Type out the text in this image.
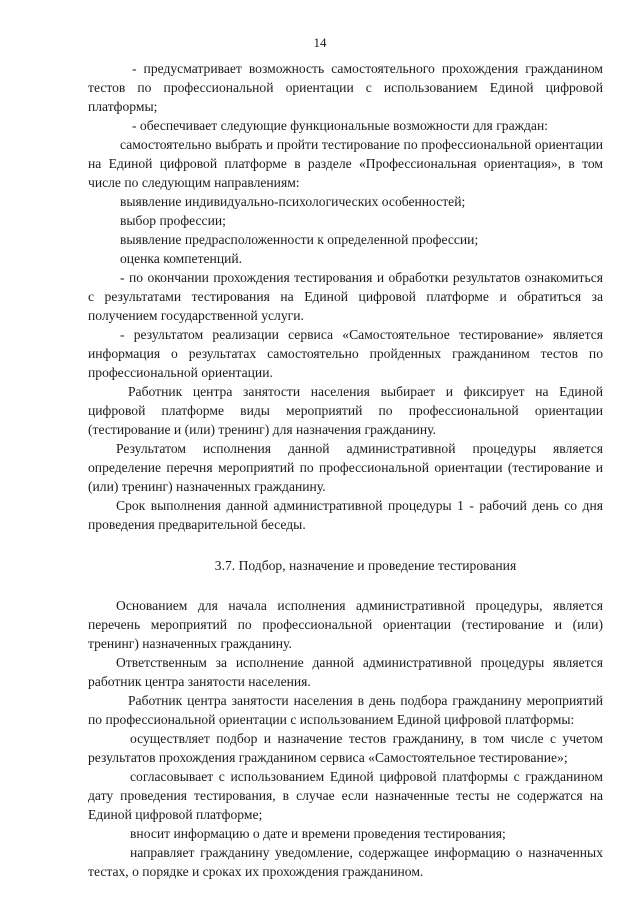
14

- предусматривает возможность самостоятельного прохождения гражданином тестов по профессиональной ориентации с использованием Единой цифровой платформы;

- обеспечивает следующие функциональные возможности для граждан:

самостоятельно выбрать и пройти тестирование по профессиональной ориентации на Единой цифровой платформе в разделе «Профессиональная ориентация», в том числе по следующим направлениям:

выявление индивидуально-психологических особенностей;

выбор профессии;

выявление предрасположенности к определенной профессии;

оценка компетенций.

- по окончании прохождения тестирования и обработки результатов ознакомиться с результатами тестирования на Единой цифровой платформе и обратиться за получением государственной услуги.

- результатом реализации сервиса «Самостоятельное тестирование» является информация о результатах самостоятельно пройденных гражданином тестов по профессиональной ориентации.

Работник центра занятости населения выбирает и фиксирует на Единой цифровой платформе виды мероприятий по профессиональной ориентации (тестирование и (или) тренинг) для назначения гражданину.

Результатом исполнения данной административной процедуры является определение перечня мероприятий по профессиональной ориентации (тестирование и (или) тренинг) назначенных гражданину.

Срок выполнения данной административной процедуры 1 - рабочий день со дня проведения предварительной беседы.

3.7. Подбор, назначение и проведение тестирования

Основанием для начала исполнения административной процедуры, является перечень мероприятий по профессиональной ориентации (тестирование и (или) тренинг) назначенных гражданину.

Ответственным за исполнение данной административной процедуры является работник центра занятости населения.

Работник центра занятости населения в день подбора гражданину мероприятий по профессиональной ориентации с использованием Единой цифровой платформы:

осуществляет подбор и назначение тестов гражданину, в том числе с учетом результатов прохождения гражданином сервиса «Самостоятельное тестирование»;

согласовывает с использованием Единой цифровой платформы с гражданином дату проведения тестирования, в случае если назначенные тесты не содержатся на Единой цифровой платформе;

вносит информацию о дате и времени проведения тестирования;

направляет гражданину уведомление, содержащее информацию о назначенных тестах, о порядке и сроках их прохождения гражданином.
